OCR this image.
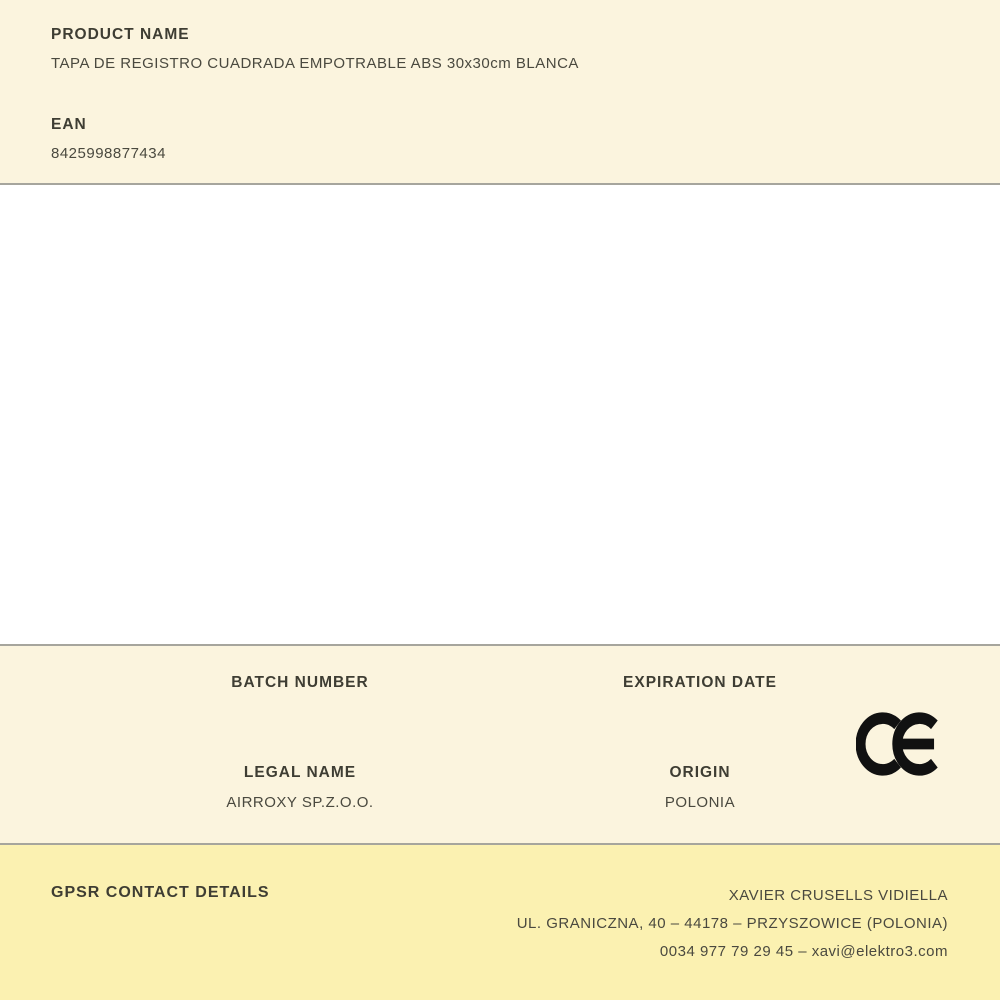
PRODUCT NAME
TAPA DE REGISTRO CUADRADA EMPOTRABLE ABS 30x30cm BLANCA
EAN
8425998877434
BATCH NUMBER	EXPIRATION DATE
LEGAL NAME
AIRROXY SP.Z.O.O.
ORIGIN
POLONIA
GPSR CONTACT DETAILS	XAVIER CRUSELLS VIDIELLA
UL. GRANICZNA, 40 – 44178 – PRZYSZOWICE (POLONIA)
0034 977 79 29 45 – xavi@elektro3.com
